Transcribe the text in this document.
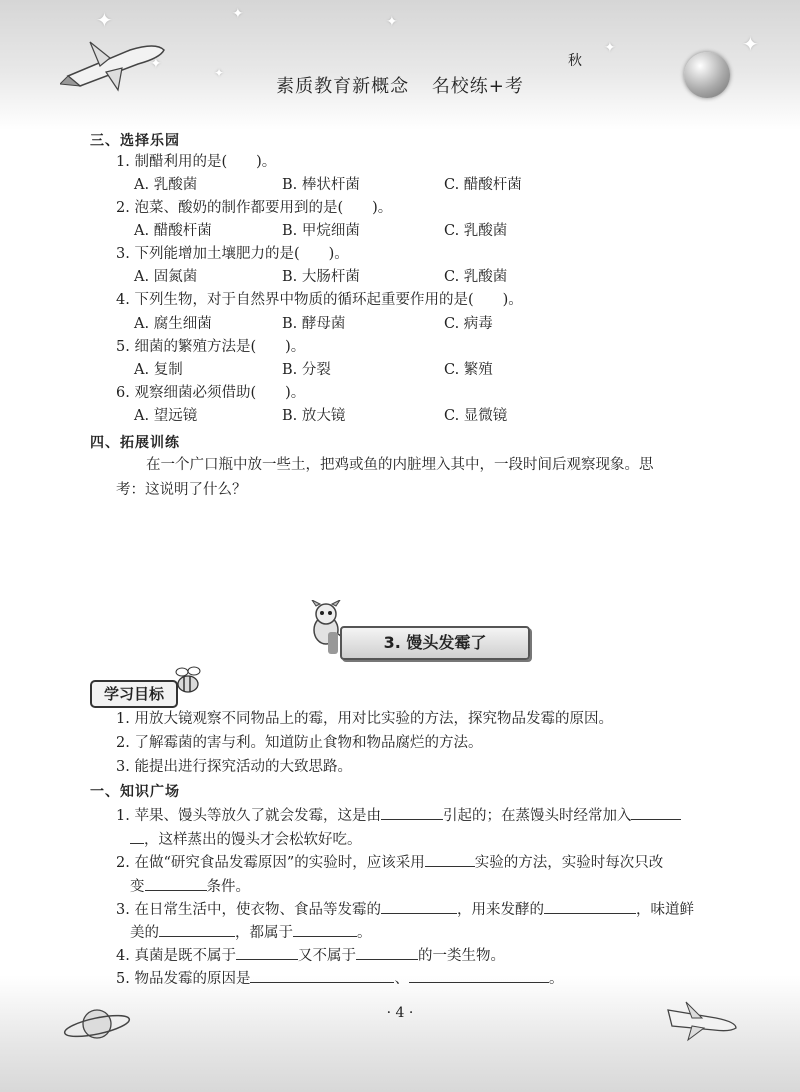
✦	✦	✦
✦
✦
✦
✦
素质教育新概念 名校练+考
秋
三、选择乐园
1. 制醋利用的是(　　)。
A. 乳酸菌	B. 棒状杆菌	C. 醋酸杆菌
2. 泡菜、酸奶的制作都要用到的是(　　)。
A. 醋酸杆菌	B. 甲烷细菌	C. 乳酸菌
3. 下列能增加土壤肥力的是(　　)。
A. 固氮菌	B. 大肠杆菌	C. 乳酸菌
4. 下列生物，对于自然界中物质的循环起重要作用的是(　　)。
A. 腐生细菌	B. 酵母菌	C. 病毒
5. 细菌的繁殖方法是(　　)。
A. 复制	B. 分裂	C. 繁殖
6. 观察细菌必须借助(　　)。
A. 望远镜	B. 放大镜	C. 显微镜
四、拓展训练
在一个广口瓶中放一些土，把鸡或鱼的内脏埋入其中，一段时间后观察现象。思
考：这说明了什么？
3. 馒头发霉了
学习目标
1. 用放大镜观察不同物品上的霉，用对比实验的方法，探究物品发霉的原因。
2. 了解霉菌的害与利。知道防止食物和物品腐烂的方法。
3. 能提出进行探究活动的大致思路。
一、知识广场
1. 苹果、馒头等放久了就会发霉，这是由	引起的；在蒸馒头时经常加入
，这样蒸出的馒头才会松软好吃。
2. 在做“研究食品发霉原因”的实验时，应该采用	实验的方法，实验时每次只改
变	条件。
3. 在日常生活中，使衣物、食品等发霉的	，用来发酵的	，味道鲜
美的	，都属于	。
4. 真菌是既不属于	又不属于	的一类生物。
5. 物品发霉的原因是	、	。
· 4 ·
